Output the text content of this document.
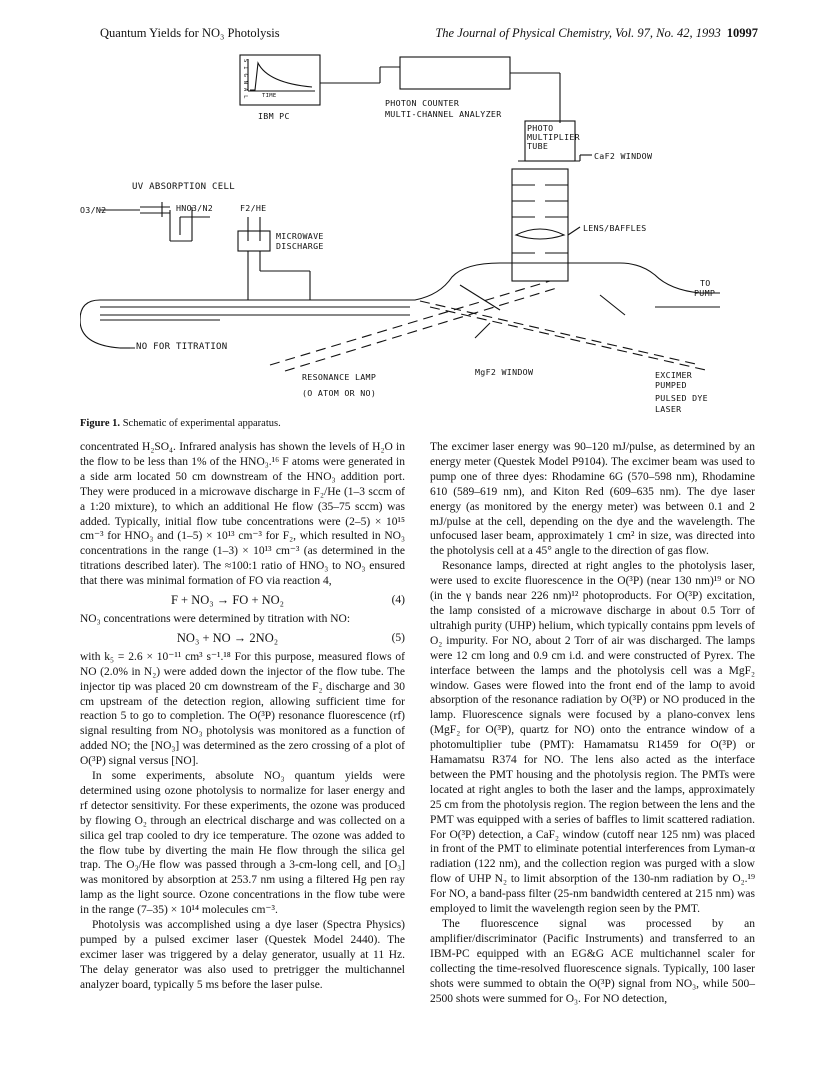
Quantum Yields for NO₃ Photolysis	The Journal of Physical Chemistry, Vol. 97, No. 42, 1993 10997
S I G N A L	TIME
IBM PC
PHOTON COUNTER
MULTI-CHANNEL ANALYZER
PHOTO
MULTIPLIER
TUBE
CaF2 WINDOW
UV ABSORPTION CELL
O3/N2	HNO3/N2	F2/HE
MICROWAVE
DISCHARGE
LENS/BAFFLES
TO
PUMP
NO FOR TITRATION
RESONANCE LAMP
(O ATOM OR NO)
MgF2 WINDOW	EXCIMER
PUMPED
PULSED DYE
LASER
Figure 1. Schematic of experimental apparatus.

concentrated H₂SO₄. Infrared analysis has shown the levels of H₂O in the flow to be less than 1% of the HNO₃.¹⁶ F atoms were generated in a side arm located 50 cm downstream of the HNO₃ addition port. They were produced in a microwave discharge in F₂/He (1–3 sccm of a 1:20 mixture), to which an additional He flow (35–75 sccm) was added. Typically, initial flow tube concentrations were (2–5) × 10¹⁵ cm⁻³ for HNO₃ and (1–5) × 10¹³ cm⁻³ for F₂, which resulted in NO₃ concentrations in the range (1–3) × 10¹³ cm⁻³ (as determined in the titrations described later). The ≈100:1 ratio of HNO₃ to NO₃ ensured that there was minimal formation of FO via reaction 4,

F + NO₃ → FO + NO₂	(4)

NO₃ concentrations were determined by titration with NO:

NO₃ + NO → 2NO₂	(5)

with k₅ = 2.6 × 10⁻¹¹ cm³ s⁻¹.¹⁸ For this purpose, measured flows of NO (2.0% in N₂) were added down the injector of the flow tube. The injector tip was placed 20 cm downstream of the F₂ discharge and 30 cm upstream of the detection region, allowing sufficient time for reaction 5 to go to completion. The O(³P) resonance fluorescence (rf) signal resulting from NO₃ photolysis was monitored as a function of added NO; the [NO₃] was determined as the zero crossing of a plot of O(³P) signal versus [NO].

In some experiments, absolute NO₃ quantum yields were determined using ozone photolysis to normalize for laser energy and rf detector sensitivity. For these experiments, the ozone was produced by flowing O₂ through an electrical discharge and was collected on a silica gel trap cooled to dry ice temperature. The ozone was added to the flow tube by diverting the main He flow through the silica gel trap. The O₃/He flow was passed through a 3-cm-long cell, and [O₃] was monitored by absorption at 253.7 nm using a filtered Hg pen ray lamp as the light source. Ozone concentrations in the flow tube were in the range (7–35) × 10¹⁴ molecules cm⁻³.

Photolysis was accomplished using a dye laser (Spectra Physics) pumped by a pulsed excimer laser (Questek Model 2440). The excimer laser was triggered by a delay generator, usually at 11 Hz. The delay generator was also used to pretrigger the multichannel analyzer board, typically 5 ms before the laser pulse.

The excimer laser energy was 90–120 mJ/pulse, as determined by an energy meter (Questek Model P9104). The excimer beam was used to pump one of three dyes: Rhodamine 6G (570–598 nm), Rhodamine 610 (589–619 nm), and Kiton Red (609–635 nm). The dye laser energy (as monitored by the energy meter) was between 0.1 and 2 mJ/pulse at the cell, depending on the dye and the wavelength. The unfocused laser beam, approximately 1 cm² in size, was directed into the photolysis cell at a 45° angle to the direction of gas flow.

Resonance lamps, directed at right angles to the photolysis laser, were used to excite fluorescence in the O(³P) (near 130 nm)¹⁹ or NO (in the γ bands near 226 nm)¹² photoproducts. For O(³P) excitation, the lamp consisted of a microwave discharge in about 0.5 Torr of ultrahigh purity (UHP) helium, which typically contains ppm levels of O₂ impurity. For NO, about 2 Torr of air was discharged. The lamps were 12 cm long and 0.9 cm i.d. and were constructed of Pyrex. The interface between the lamps and the photolysis cell was a MgF₂ window. Gases were flowed into the front end of the lamp to avoid absorption of the resonance radiation by O(³P) or NO produced in the lamp. Fluorescence signals were focused by a plano-convex lens (MgF₂ for O(³P), quartz for NO) onto the entrance window of a photomultiplier tube (PMT): Hamamatsu R1459 for O(³P) or Hamamatsu R374 for NO. The lens also acted as the interface between the PMT housing and the photolysis region. The PMTs were located at right angles to both the laser and the lamps, approximately 25 cm from the photolysis region. The region between the lens and the PMT was equipped with a series of baffles to limit scattered radiation. For O(³P) detection, a CaF₂ window (cutoff near 125 nm) was placed in front of the PMT to eliminate potential interferences from Lyman-α radiation (122 nm), and the collection region was purged with a slow flow of UHP N₂ to limit absorption of the 130-nm radiation by O₂.¹⁹ For NO, a band-pass filter (25-nm bandwidth centered at 215 nm) was employed to limit the wavelength region seen by the PMT.

The fluorescence signal was processed by an amplifier/discriminator (Pacific Instruments) and transferred to an IBM-PC equipped with an EG&G ACE multichannel scaler for collecting the time-resolved fluorescence signals. Typically, 100 laser shots were summed to obtain the O(³P) signal from NO₃, while 500–2500 shots were summed for O₃. For NO detection,
